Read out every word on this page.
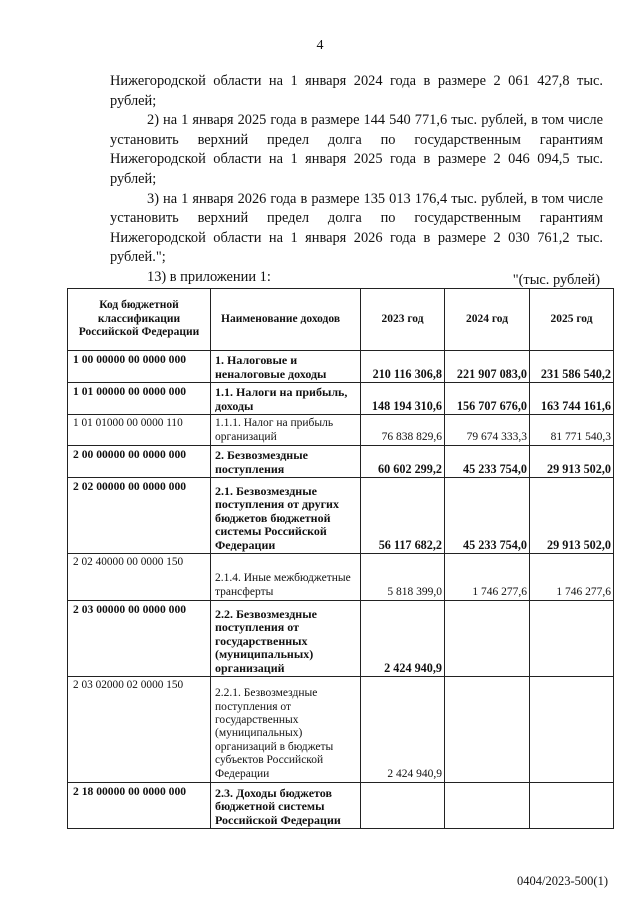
4

Нижегородской области на 1 января 2024 года в размере 2 061 427,8 тыс. рублей;

2) на 1 января 2025 года в размере 144 540 771,6 тыс. рублей, в том числе установить верхний предел долга по государственным гарантиям Нижегородской области на 1 января 2025 года в размере 2 046 094,5 тыс. рублей;

3) на 1 января 2026 года в размере 135 013 176,4 тыс. рублей, в том числе установить верхний предел долга по государственным гарантиям Нижегородской области на 1 января 2026 года в размере 2 030 761,2 тыс. рублей.";

13) в приложении 1:	"(тыс. рублей)
Код бюджетной классификации Российской Федерации	Наименование доходов	2023 год	2024 год	2025 год
1 00 00000 00 0000 000	1. Налоговые и неналоговые доходы	210 116 306,8	221 907 083,0	231 586 540,2
1 01 00000 00 0000 000	1.1. Налоги на прибыль, доходы	148 194 310,6	156 707 676,0	163 744 161,6
1 01 01000 00 0000 110	1.1.1. Налог на прибыль организаций	76 838 829,6	79 674 333,3	81 771 540,3
2 00 00000 00 0000 000	2. Безвозмездные поступления	60 602 299,2	45 233 754,0	29 913 502,0
2 02 00000 00 0000 000	2.1. Безвозмездные поступления от других бюджетов бюджетной системы Российской Федерации	56 117 682,2	45 233 754,0	29 913 502,0
2 02 40000 00 0000 150	2.1.4. Иные межбюджетные трансферты	5 818 399,0	1 746 277,6	1 746 277,6
2 03 00000 00 0000 000	2.2. Безвозмездные поступления от государственных (муниципальных) организаций	2 424 940,9		
2 03 02000 02 0000 150	2.2.1. Безвозмездные поступления от государственных (муниципальных) организаций в бюджеты субъектов Российской Федерации	2 424 940,9		
2 18 00000 00 0000 000	2.3. Доходы бюджетов бюджетной системы Российской Федерации			
0404/2023-500(1)
